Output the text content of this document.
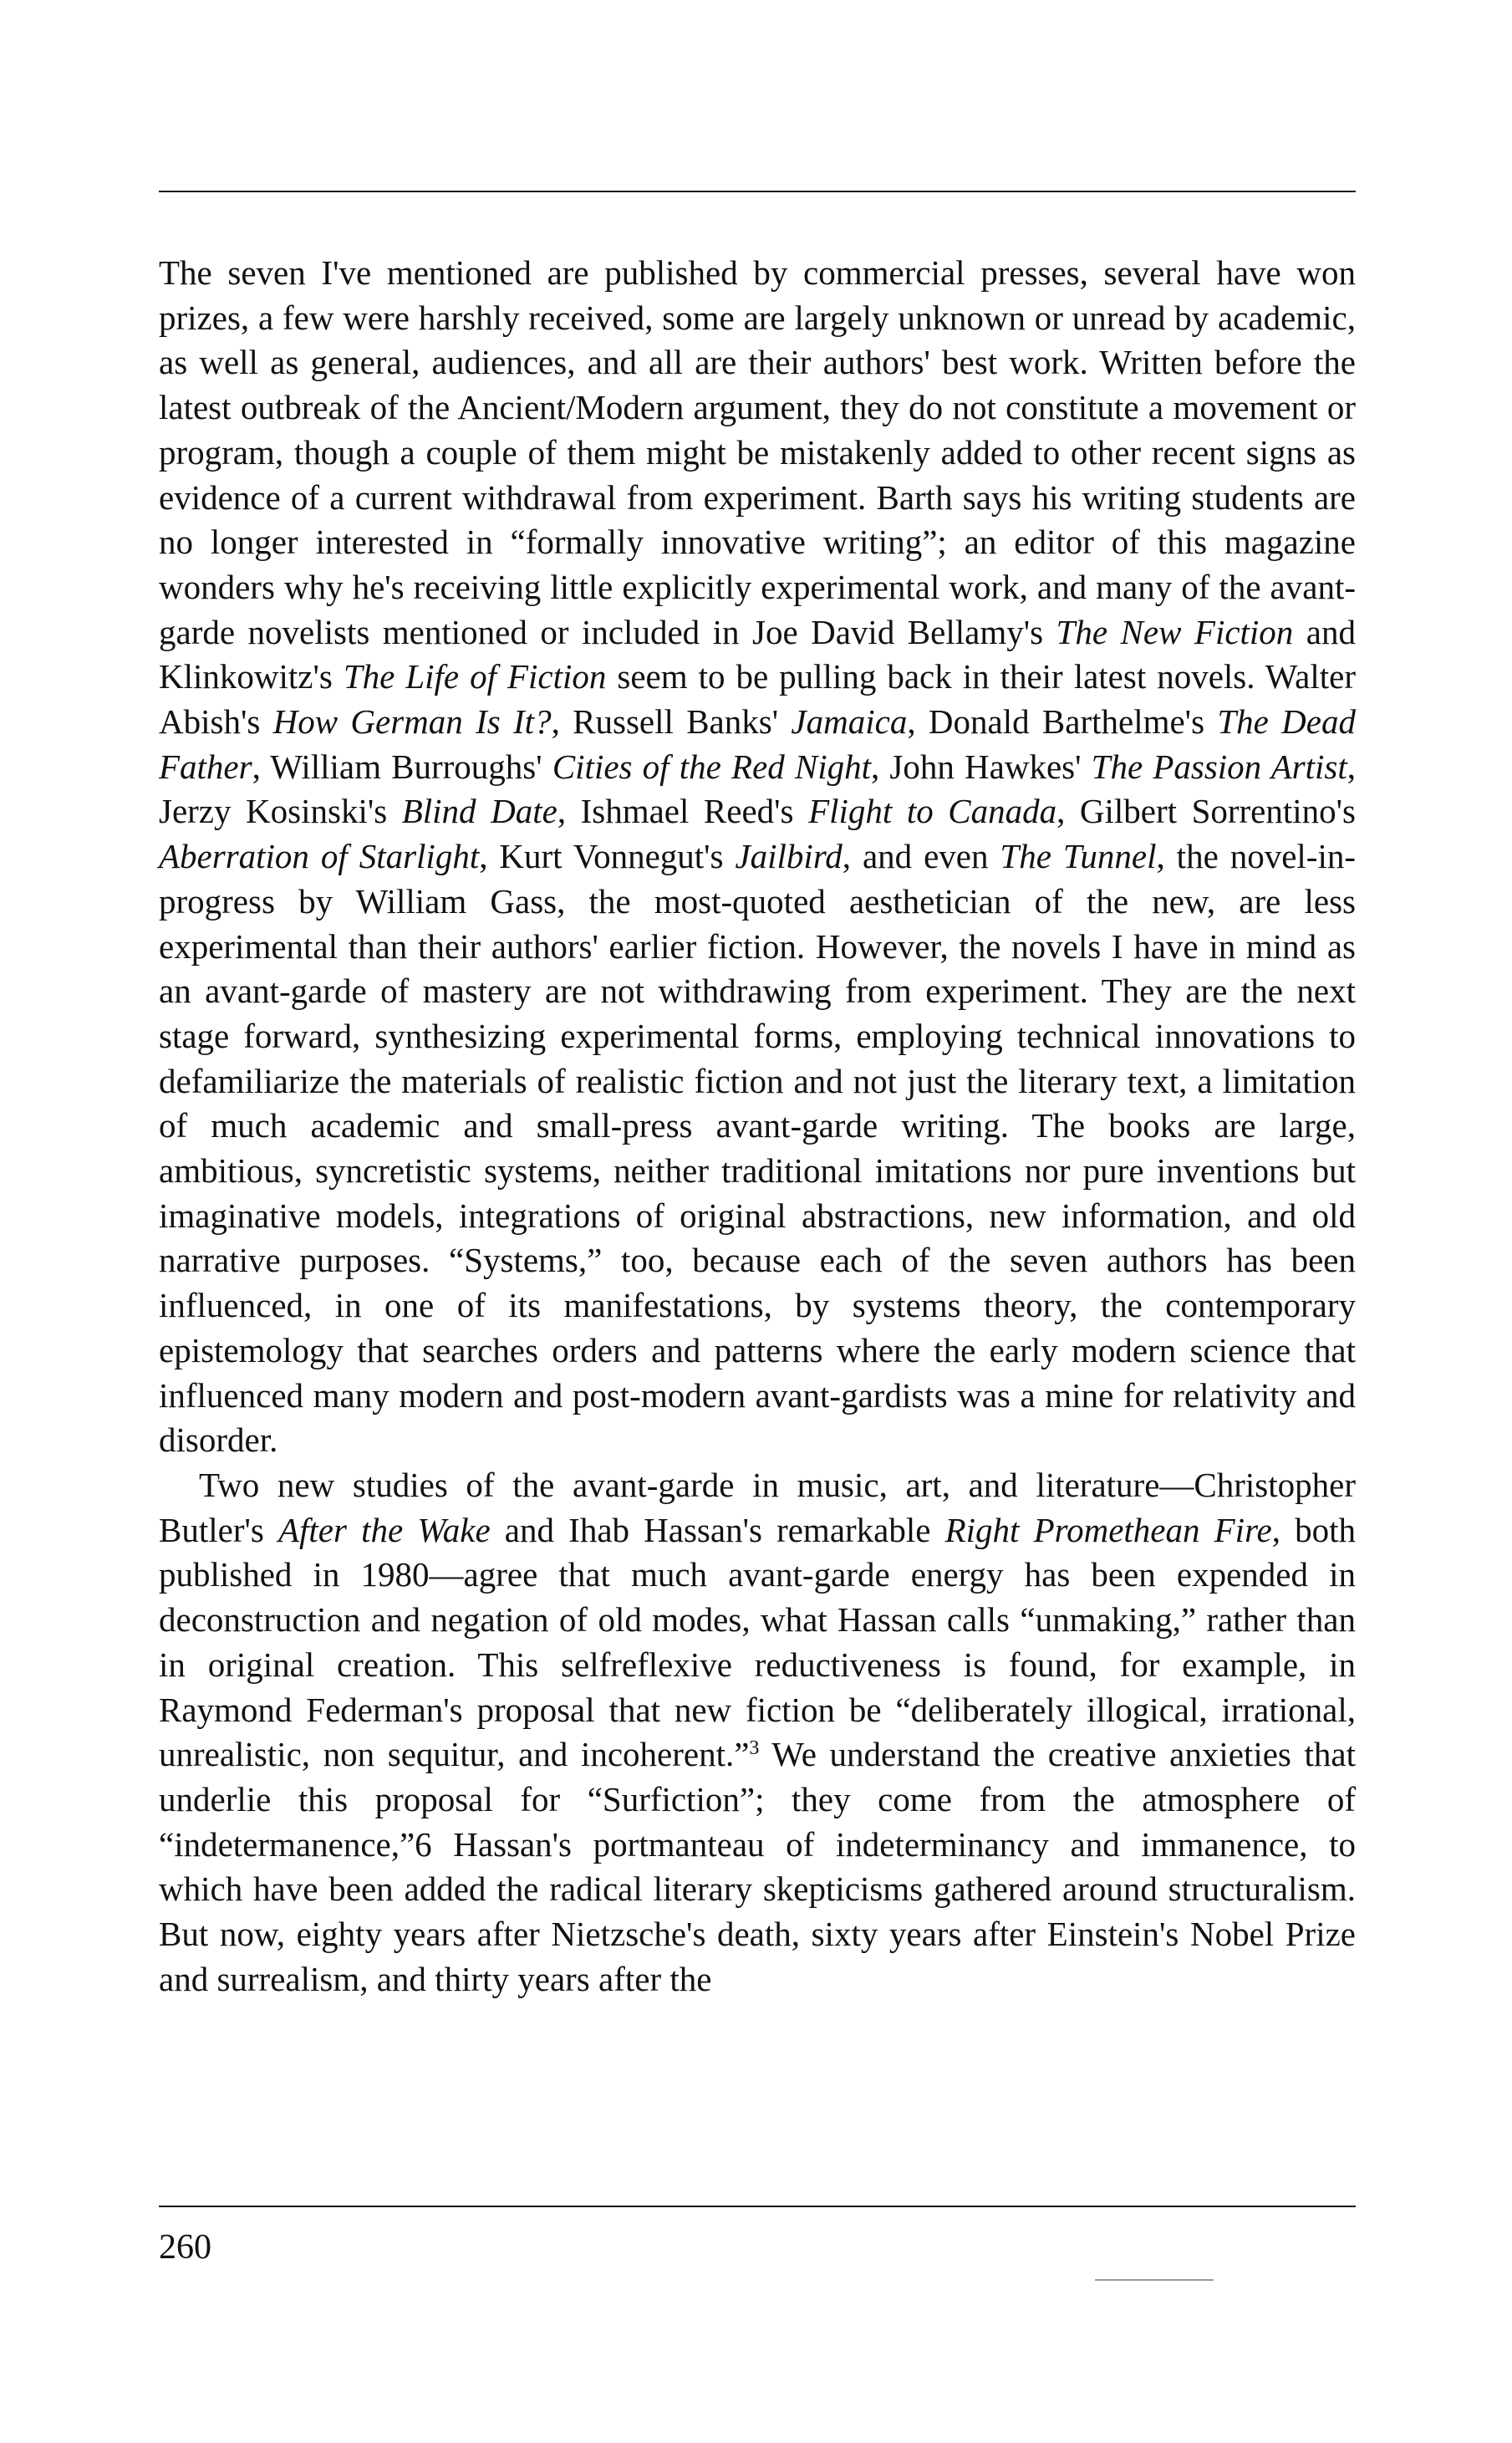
The seven I've mentioned are published by commercial presses, several have won prizes, a few were harshly received, some are largely unknown or unread by academic, as well as general, audiences, and all are their authors' best work. Written before the latest outbreak of the Ancient/Modern argument, they do not constitute a movement or program, though a couple of them might be mistakenly added to other recent signs as evidence of a current withdrawal from experiment. Barth says his writing students are no longer interested in “formally innovative writing”; an editor of this magazine wonders why he's receiving little explicitly experimental work, and many of the avant-garde novelists mentioned or included in Joe David Bellamy's The New Fiction and Klinkowitz's The Life of Fiction seem to be pulling back in their latest novels. Walter Abish's How German Is It?, Russell Banks' Jamaica, Donald Barthelme's The Dead Father, William Burroughs' Cities of the Red Night, John Hawkes' The Passion Artist, Jerzy Kosinski's Blind Date, Ishmael Reed's Flight to Canada, Gilbert Sorrentino's Aberration of Starlight, Kurt Vonnegut's Jailbird, and even The Tunnel, the novel-inprogress by William Gass, the most-quoted aesthetician of the new, are less experimental than their authors' earlier fiction. However, the novels I have in mind as an avant-garde of mastery are not withdrawing from experiment. They are the next stage forward, synthesizing experimental forms, employing technical innovations to defamiliarize the materials of realistic fiction and not just the literary text, a limitation of much academic and small-press avant-garde writing. The books are large, ambitious, syncretistic systems, neither traditional imitations nor pure inventions but imaginative models, integrations of original abstractions, new information, and old narrative purposes. “Systems,” too, because each of the seven authors has been influenced, in one of its manifestations, by systems theory, the contemporary epistemology that searches orders and patterns where the early modern science that influenced many modern and post-modern avant-gardists was a mine for relativity and disorder.

Two new studies of the avant-garde in music, art, and literature—Christopher Butler's After the Wake and Ihab Hassan's remarkable Right Promethean Fire, both published in 1980—agree that much avant-garde energy has been expended in deconstruction and negation of old modes, what Hassan calls “unmaking,” rather than in original creation. This selfreflexive reductiveness is found, for example, in Raymond Federman's proposal that new fiction be “deliberately illogical, irrational, unrealistic, non sequitur, and incoherent.”$^3$ We understand the creative anxieties that underlie this proposal for “Surfiction”; they come from the atmosphere of “indetermanence,”6 Hassan's portmanteau of indeterminancy and immanence, to which have been added the radical literary skepticisms gathered around structuralism. But now, eighty years after Nietzsche's death, sixty years after Einstein's Nobel Prize and surrealism, and thirty years after the

260
